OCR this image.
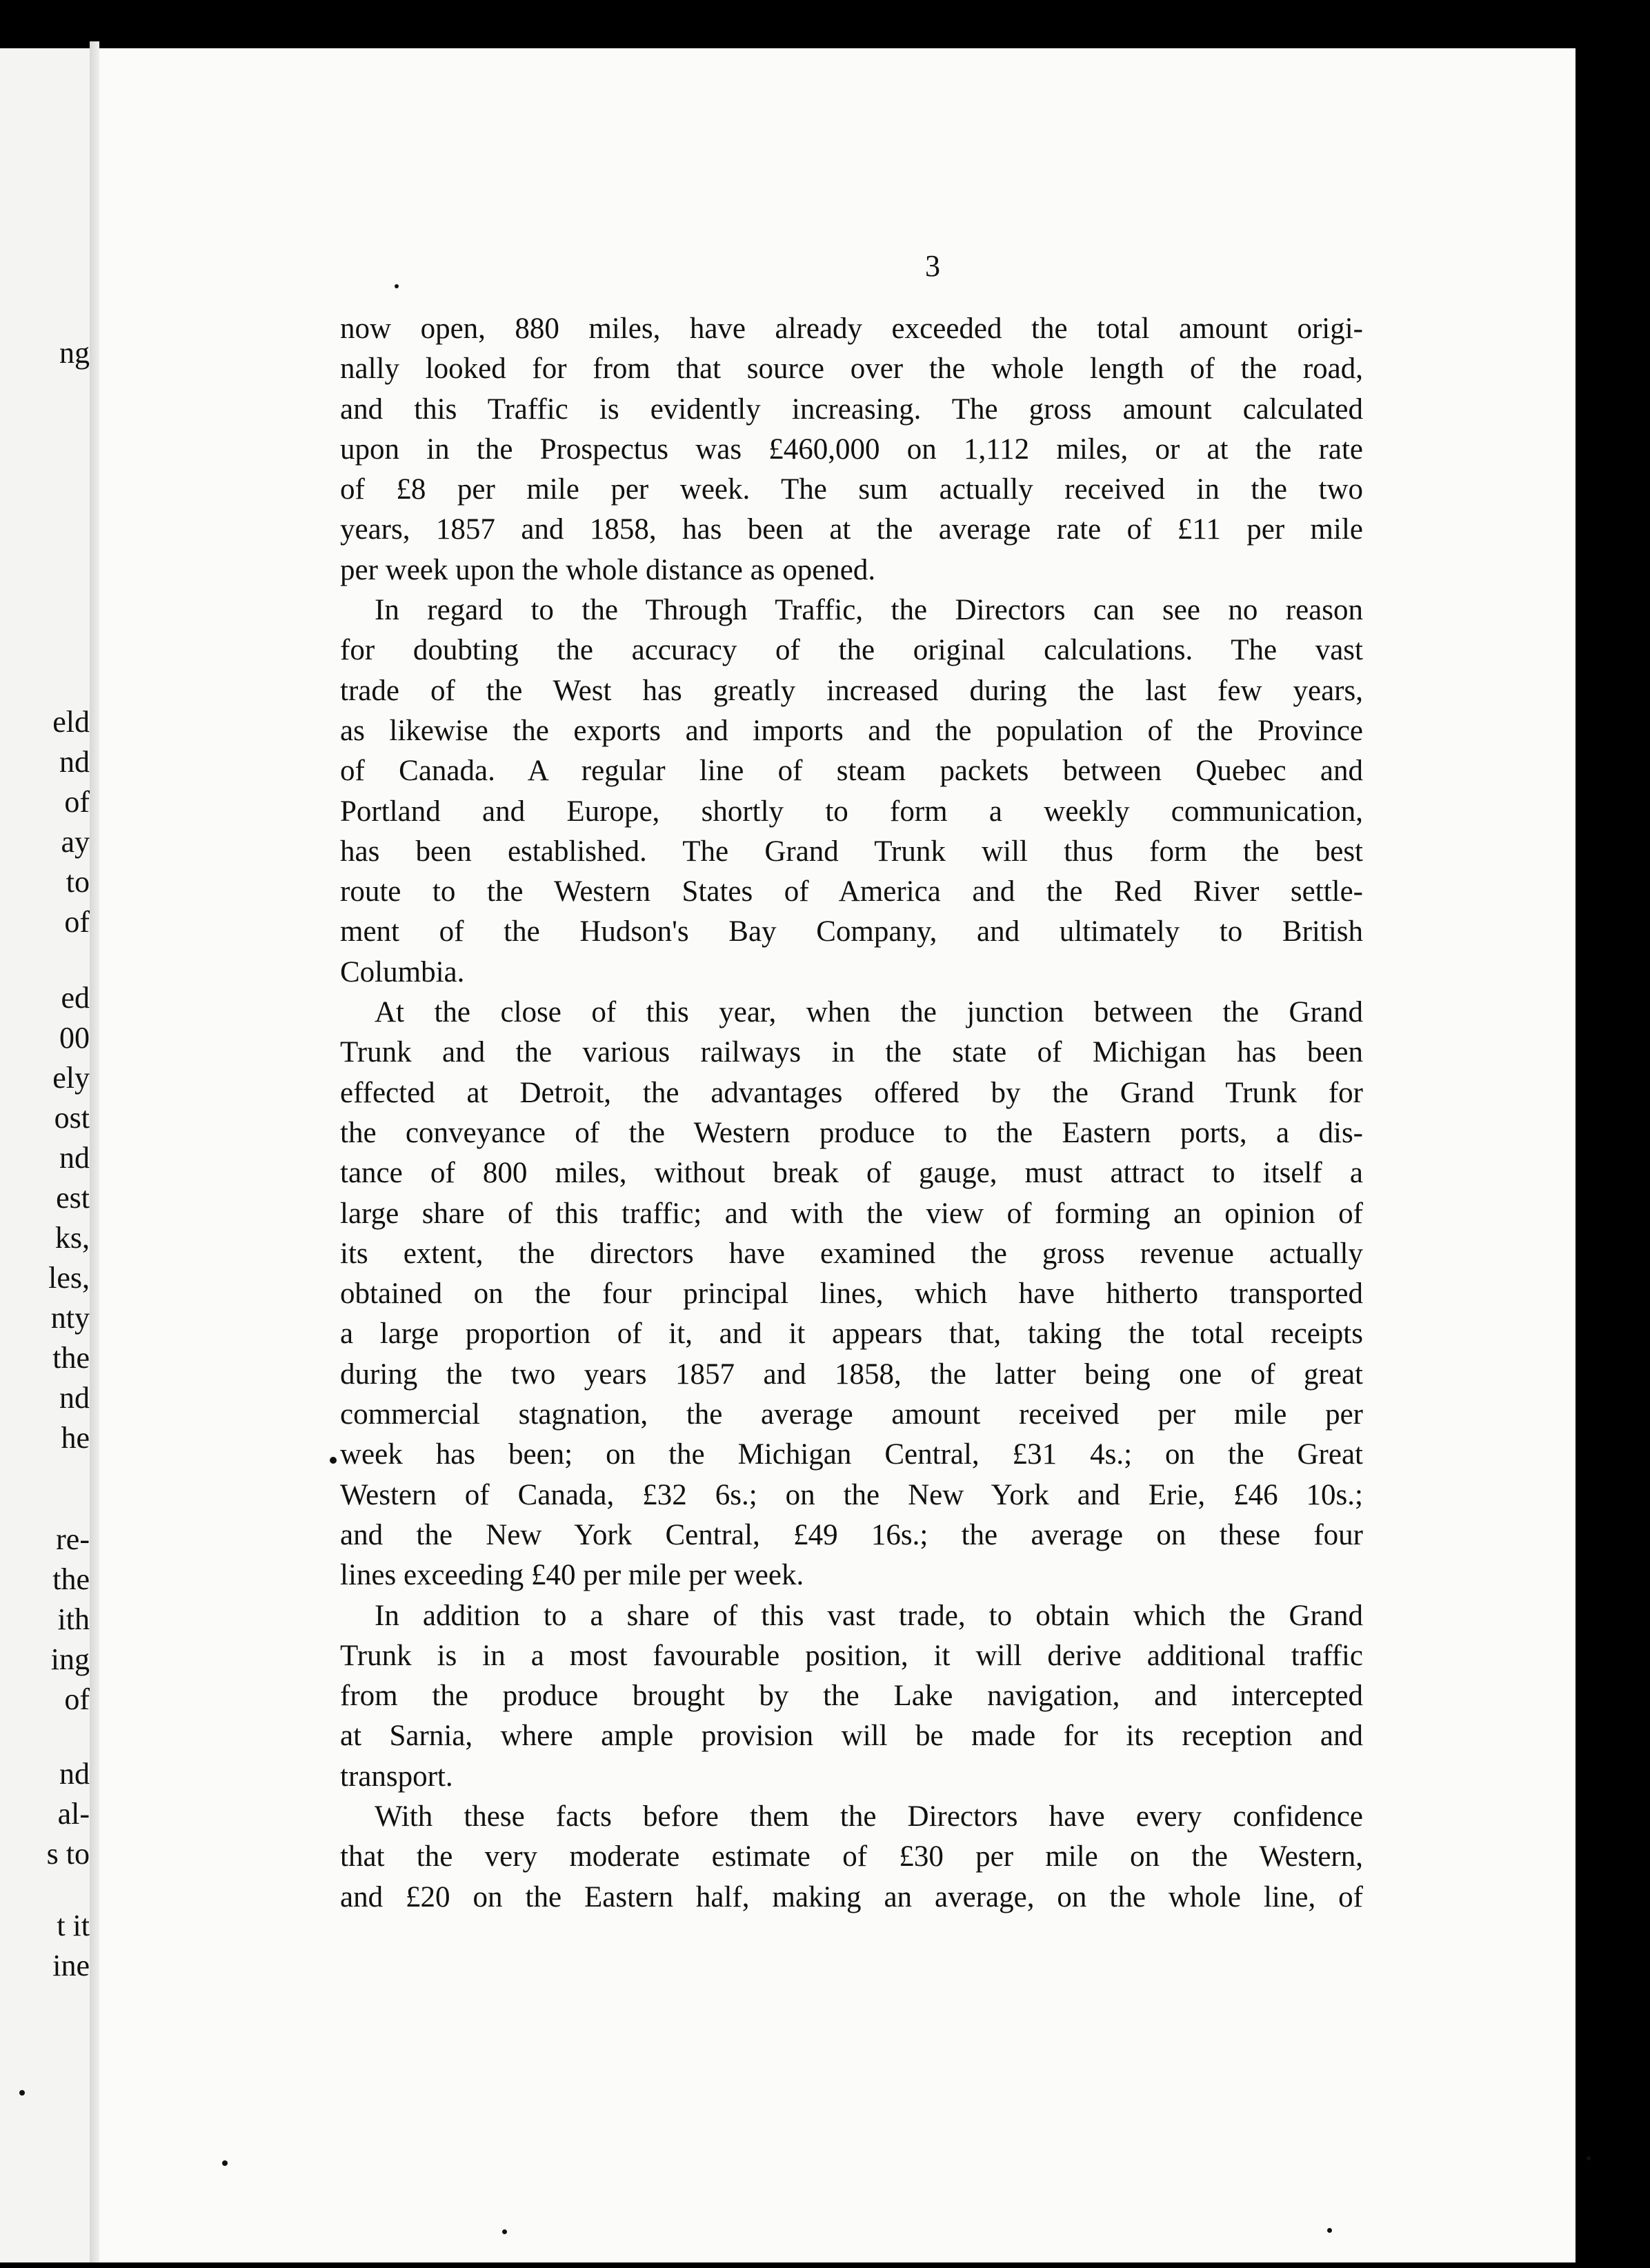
ng
eld
nd
of
ay
to
of
ed
00
ely
ost
nd
est
ks,
les,
nty
the
nd
he
re-
the
ith
ing
of
nd
al-
s to
t it
ine
3
now open, 880 miles, have already exceeded the total amount origi-
nally looked for from that source over the whole length of the road,
and this Traffic is evidently increasing. The gross amount calculated
upon in the Prospectus was £460,000 on 1,112 miles, or at the rate
of £8 per mile per week. The sum actually received in the two
years, 1857 and 1858, has been at the average rate of £11 per mile
per week upon the whole distance as opened.
In regard to the Through Traffic, the Directors can see no reason
for doubting the accuracy of the original calculations. The vast
trade of the West has greatly increased during the last few years,
as likewise the exports and imports and the population of the Province
of Canada. A regular line of steam packets between Quebec and
Portland and Europe, shortly to form a weekly communication,
has been established. The Grand Trunk will thus form the best
route to the Western States of America and the Red River settle-
ment of the Hudson's Bay Company, and ultimately to British
Columbia.
At the close of this year, when the junction between the Grand
Trunk and the various railways in the state of Michigan has been
effected at Detroit, the advantages offered by the Grand Trunk for
the conveyance of the Western produce to the Eastern ports, a dis-
tance of 800 miles, without break of gauge, must attract to itself a
large share of this traffic; and with the view of forming an opinion of
its extent, the directors have examined the gross revenue actually
obtained on the four principal lines, which have hitherto transported
a large proportion of it, and it appears that, taking the total receipts
during the two years 1857 and 1858, the latter being one of great
commercial stagnation, the average amount received per mile per
week has been; on the Michigan Central, £31 4s.; on the Great
Western of Canada, £32 6s.; on the New York and Erie, £46 10s.;
and the New York Central, £49 16s.; the average on these four
lines exceeding £40 per mile per week.
In addition to a share of this vast trade, to obtain which the Grand
Trunk is in a most favourable position, it will derive additional traffic
from the produce brought by the Lake navigation, and intercepted
at Sarnia, where ample provision will be made for its reception and
transport.
With these facts before them the Directors have every confidence
that the very moderate estimate of £30 per mile on the Western,
and £20 on the Eastern half, making an average, on the whole line, of
